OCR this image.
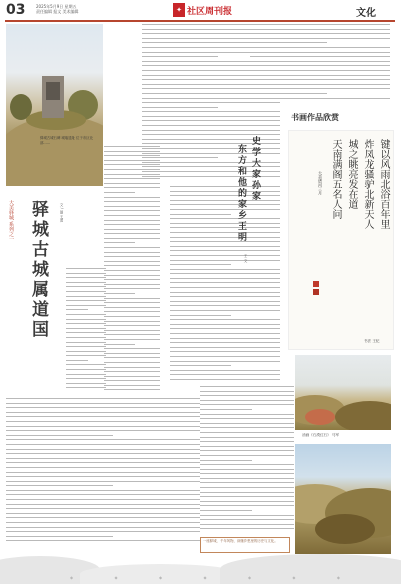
03	2025年5月9日 星期五
责任编辑 报文 美术编辑	✦ 社区周刊报	文化
驿城古城石碑 城墙遗址 位于市区北部……
大美驿城 系列之一 驿城古城属道国	文 / 图 王勇
书画作品欣赏
史学大家孙家
东方和他的家乡王明
王 文
键以风雨北浴百年里
炸凤龙骚驴北新天人
城之眺亮发在道
天南满阁五名人问
大美谱河三月
书法 王纪
油画《石漠红石》 马军
一座驿城，千年风物，读懂乡愁里的历史与文化。
◆	◆	◆	◆	◆	◆	◆
